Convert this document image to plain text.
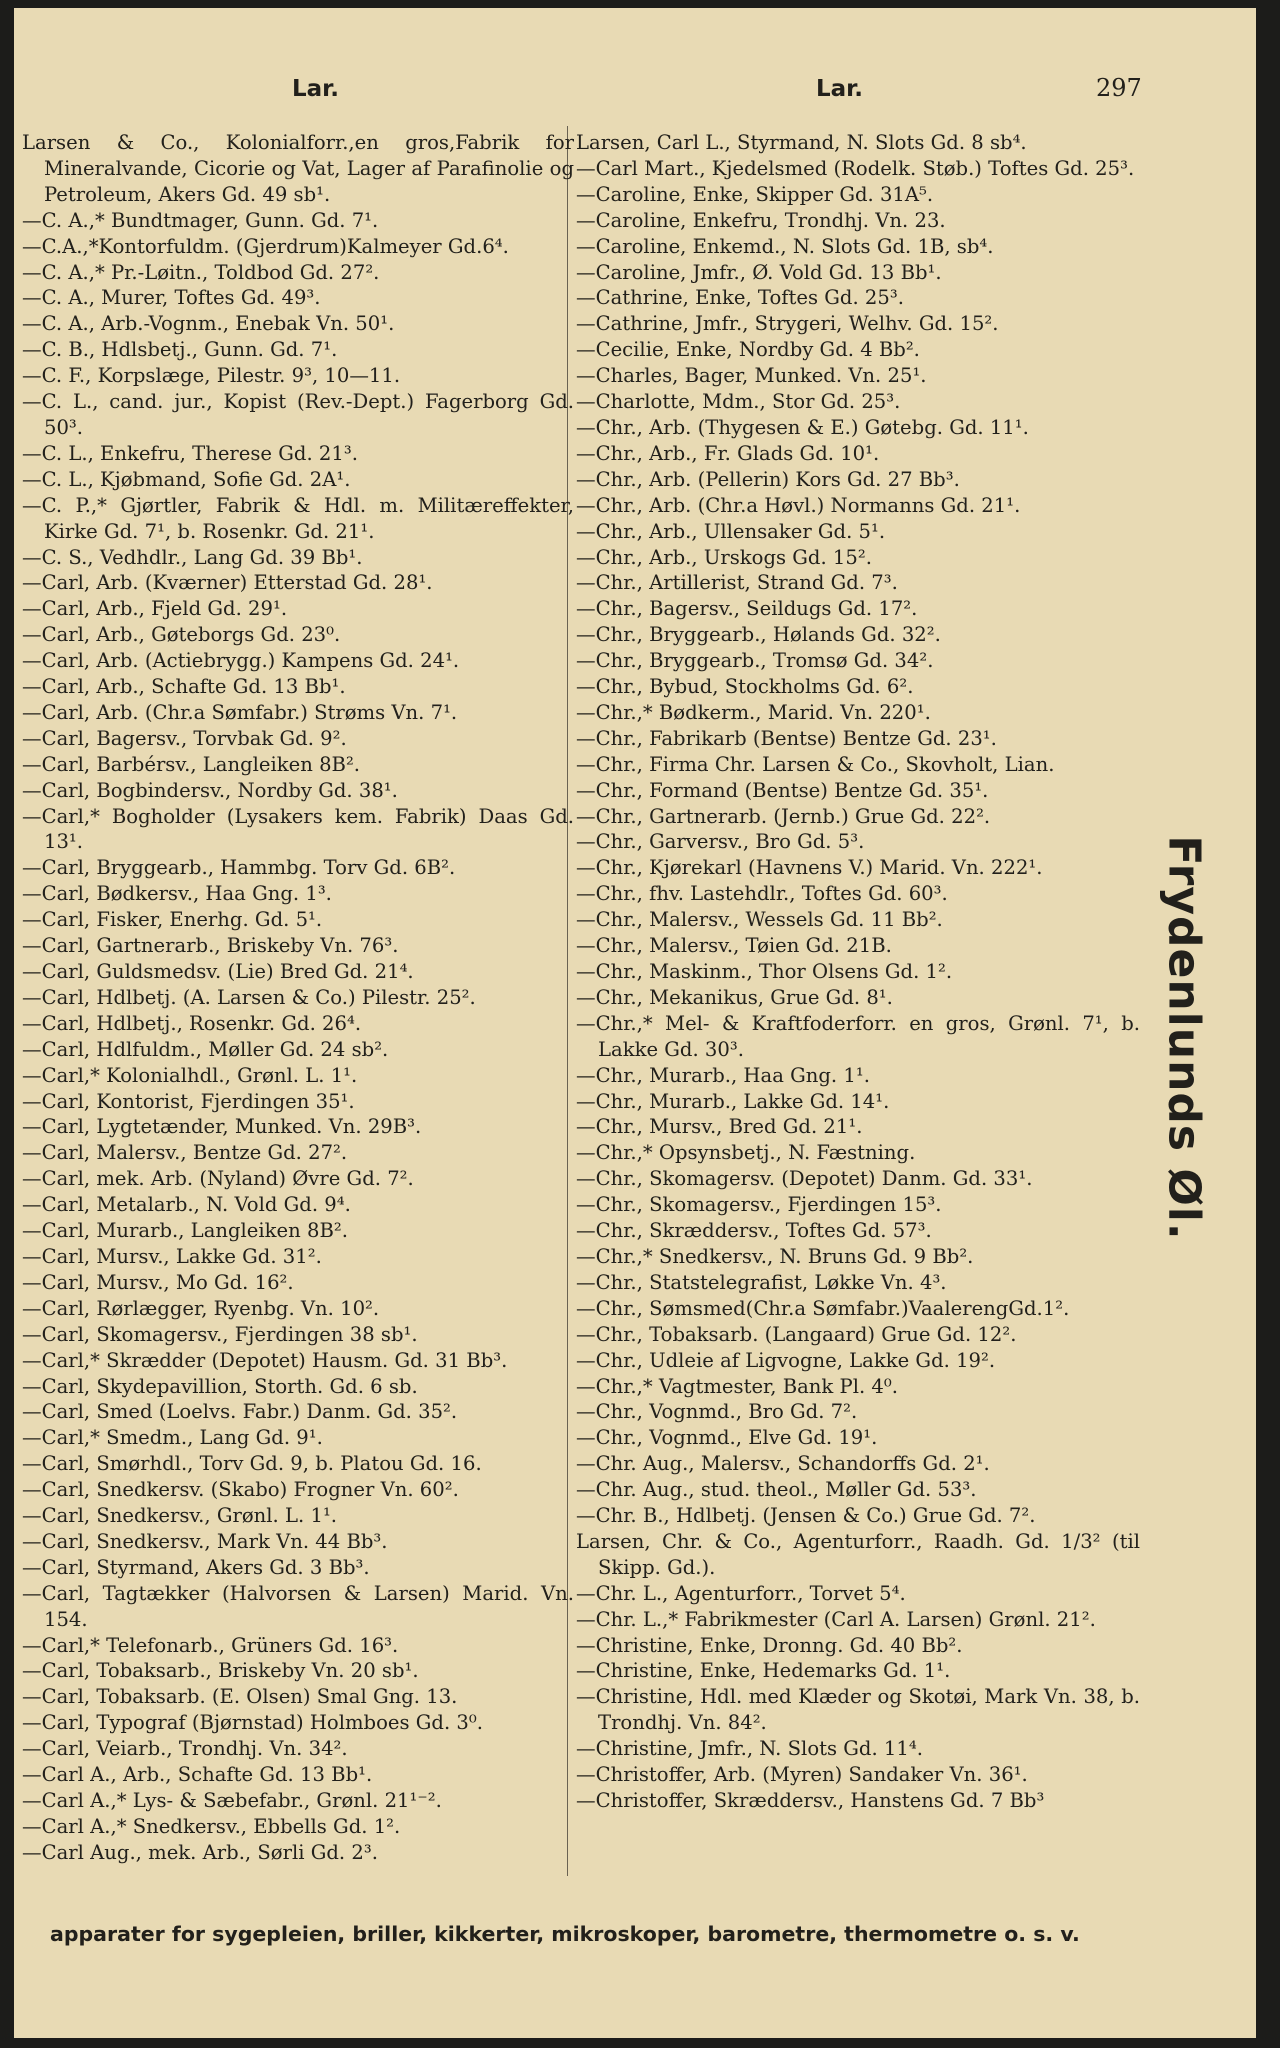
Lar.	Lar.	297
Larsen & Co., Kolonialforr.,en gros,Fabrik for Mineralvande, Cicorie og Vat, Lager af Parafinolie og Petroleum, Akers Gd. 49 sb¹.
—C. A.,* Bundtmager, Gunn. Gd. 7¹.
—C.A.,*Kontorfuldm. (Gjerdrum)Kalmeyer Gd.6⁴.
—C. A.,* Pr.-Løitn., Toldbod Gd. 27².
—C. A., Murer, Toftes Gd. 49³.
—C. A., Arb.-Vognm., Enebak Vn. 50¹.
—C. B., Hdlsbetj., Gunn. Gd. 7¹.
—C. F., Korpslæge, Pilestr. 9³, 10—11.
—C. L., cand. jur., Kopist (Rev.-Dept.) Fagerborg Gd. 50³.
—C. L., Enkefru, Therese Gd. 21³.
—C. L., Kjøbmand, Sofie Gd. 2A¹.
—C. P.,* Gjørtler, Fabrik & Hdl. m. Militæreffekter, Kirke Gd. 7¹, b. Rosenkr. Gd. 21¹.
—C. S., Vedhdlr., Lang Gd. 39 Bb¹.
—Carl, Arb. (Kværner) Etterstad Gd. 28¹.
—Carl, Arb., Fjeld Gd. 29¹.
—Carl, Arb., Gøteborgs Gd. 23⁰.
—Carl, Arb. (Actiebrygg.) Kampens Gd. 24¹.
—Carl, Arb., Schafte Gd. 13 Bb¹.
—Carl, Arb. (Chr.a Sømfabr.) Strøms Vn. 7¹.
—Carl, Bagersv., Torvbak Gd. 9².
—Carl, Barbérsv., Langleiken 8B².
—Carl, Bogbindersv., Nordby Gd. 38¹.
—Carl,* Bogholder (Lysakers kem. Fabrik) Daas Gd. 13¹.
—Carl, Bryggearb., Hammbg. Torv Gd. 6B².
—Carl, Bødkersv., Haa Gng. 1³.
—Carl, Fisker, Enerhg. Gd. 5¹.
—Carl, Gartnerarb., Briskeby Vn. 76³.
—Carl, Guldsmedsv. (Lie) Bred Gd. 21⁴.
—Carl, Hdlbetj. (A. Larsen & Co.) Pilestr. 25².
—Carl, Hdlbetj., Rosenkr. Gd. 26⁴.
—Carl, Hdlfuldm., Møller Gd. 24 sb².
—Carl,* Kolonialhdl., Grønl. L. 1¹.
—Carl, Kontorist, Fjerdingen 35¹.
—Carl, Lygtetænder, Munked. Vn. 29B³.
—Carl, Malersv., Bentze Gd. 27².
—Carl, mek. Arb. (Nyland) Øvre Gd. 7².
—Carl, Metalarb., N. Vold Gd. 9⁴.
—Carl, Murarb., Langleiken 8B².
—Carl, Mursv., Lakke Gd. 31².
—Carl, Mursv., Mo Gd. 16².
—Carl, Rørlægger, Ryenbg. Vn. 10².
—Carl, Skomagersv., Fjerdingen 38 sb¹.
—Carl,* Skrædder (Depotet) Hausm. Gd. 31 Bb³.
—Carl, Skydepavillion, Storth. Gd. 6 sb.
—Carl, Smed (Loelvs. Fabr.) Danm. Gd. 35².
—Carl,* Smedm., Lang Gd. 9¹.
—Carl, Smørhdl., Torv Gd. 9, b. Platou Gd. 16.
—Carl, Snedkersv. (Skabo) Frogner Vn. 60².
—Carl, Snedkersv., Grønl. L. 1¹.
—Carl, Snedkersv., Mark Vn. 44 Bb³.
—Carl, Styrmand, Akers Gd. 3 Bb³.
—Carl, Tagtækker (Halvorsen & Larsen) Marid. Vn. 154.
—Carl,* Telefonarb., Grüners Gd. 16³.
—Carl, Tobaksarb., Briskeby Vn. 20 sb¹.
—Carl, Tobaksarb. (E. Olsen) Smal Gng. 13.
—Carl, Typograf (Bjørnstad) Holmboes Gd. 3⁰.
—Carl, Veiarb., Trondhj. Vn. 34².
—Carl A., Arb., Schafte Gd. 13 Bb¹.
—Carl A.,* Lys- & Sæbefabr., Grønl. 21¹⁻².
—Carl A.,* Snedkersv., Ebbells Gd. 1².
—Carl Aug., mek. Arb., Sørli Gd. 2³.
Larsen, Carl L., Styrmand, N. Slots Gd. 8 sb⁴.
—Carl Mart., Kjedelsmed (Rodelk. Støb.) Toftes Gd. 25³.
—Caroline, Enke, Skipper Gd. 31A⁵.
—Caroline, Enkefru, Trondhj. Vn. 23.
—Caroline, Enkemd., N. Slots Gd. 1B, sb⁴.
—Caroline, Jmfr., Ø. Vold Gd. 13 Bb¹.
—Cathrine, Enke, Toftes Gd. 25³.
—Cathrine, Jmfr., Strygeri, Welhv. Gd. 15².
—Cecilie, Enke, Nordby Gd. 4 Bb².
—Charles, Bager, Munked. Vn. 25¹.
—Charlotte, Mdm., Stor Gd. 25³.
—Chr., Arb. (Thygesen & E.) Gøtebg. Gd. 11¹.
—Chr., Arb., Fr. Glads Gd. 10¹.
—Chr., Arb. (Pellerin) Kors Gd. 27 Bb³.
—Chr., Arb. (Chr.a Høvl.) Normanns Gd. 21¹.
—Chr., Arb., Ullensaker Gd. 5¹.
—Chr., Arb., Urskogs Gd. 15².
—Chr., Artillerist, Strand Gd. 7³.
—Chr., Bagersv., Seildugs Gd. 17².
—Chr., Bryggearb., Hølands Gd. 32².
—Chr., Bryggearb., Tromsø Gd. 34².
—Chr., Bybud, Stockholms Gd. 6².
—Chr.,* Bødkerm., Marid. Vn. 220¹.
—Chr., Fabrikarb (Bentse) Bentze Gd. 23¹.
—Chr., Firma Chr. Larsen & Co., Skovholt, Lian.
—Chr., Formand (Bentse) Bentze Gd. 35¹.
—Chr., Gartnerarb. (Jernb.) Grue Gd. 22².
—Chr., Garversv., Bro Gd. 5³.
—Chr., Kjørekarl (Havnens V.) Marid. Vn. 222¹.
—Chr., fhv. Lastehdlr., Toftes Gd. 60³.
—Chr., Malersv., Wessels Gd. 11 Bb².
—Chr., Malersv., Tøien Gd. 21B.
—Chr., Maskinm., Thor Olsens Gd. 1².
—Chr., Mekanikus, Grue Gd. 8¹.
—Chr.,* Mel- & Kraftfoderforr. en gros, Grønl. 7¹, b. Lakke Gd. 30³.
—Chr., Murarb., Haa Gng. 1¹.
—Chr., Murarb., Lakke Gd. 14¹.
—Chr., Mursv., Bred Gd. 21¹.
—Chr.,* Opsynsbetj., N. Fæstning.
—Chr., Skomagersv. (Depotet) Danm. Gd. 33¹.
—Chr., Skomagersv., Fjerdingen 15³.
—Chr., Skræddersv., Toftes Gd. 57³.
—Chr.,* Snedkersv., N. Bruns Gd. 9 Bb².
—Chr., Statstelegrafist, Løkke Vn. 4³.
—Chr., Sømsmed(Chr.a Sømfabr.)VaalerengGd.1².
—Chr., Tobaksarb. (Langaard) Grue Gd. 12².
—Chr., Udleie af Ligvogne, Lakke Gd. 19².
—Chr.,* Vagtmester, Bank Pl. 4⁰.
—Chr., Vognmd., Bro Gd. 7².
—Chr., Vognmd., Elve Gd. 19¹.
—Chr. Aug., Malersv., Schandorffs Gd. 2¹.
—Chr. Aug., stud. theol., Møller Gd. 53³.
—Chr. B., Hdlbetj. (Jensen & Co.) Grue Gd. 7².
Larsen, Chr. & Co., Agenturforr., Raadh. Gd. 1/3² (til Skipp. Gd.).
—Chr. L., Agenturforr., Torvet 5⁴.
—Chr. L.,* Fabrikmester (Carl A. Larsen) Grønl. 21².
—Christine, Enke, Dronng. Gd. 40 Bb².
—Christine, Enke, Hedemarks Gd. 1¹.
—Christine, Hdl. med Klæder og Skotøi, Mark Vn. 38, b. Trondhj. Vn. 84².
—Christine, Jmfr., N. Slots Gd. 11⁴.
—Christoffer, Arb. (Myren) Sandaker Vn. 36¹.
—Christoffer, Skræddersv., Hanstens Gd. 7 Bb³
Frydenlunds Øl.
apparater for sygepleien, briller, kikkerter, mikroskoper, barometre, thermometre o. s. v.
